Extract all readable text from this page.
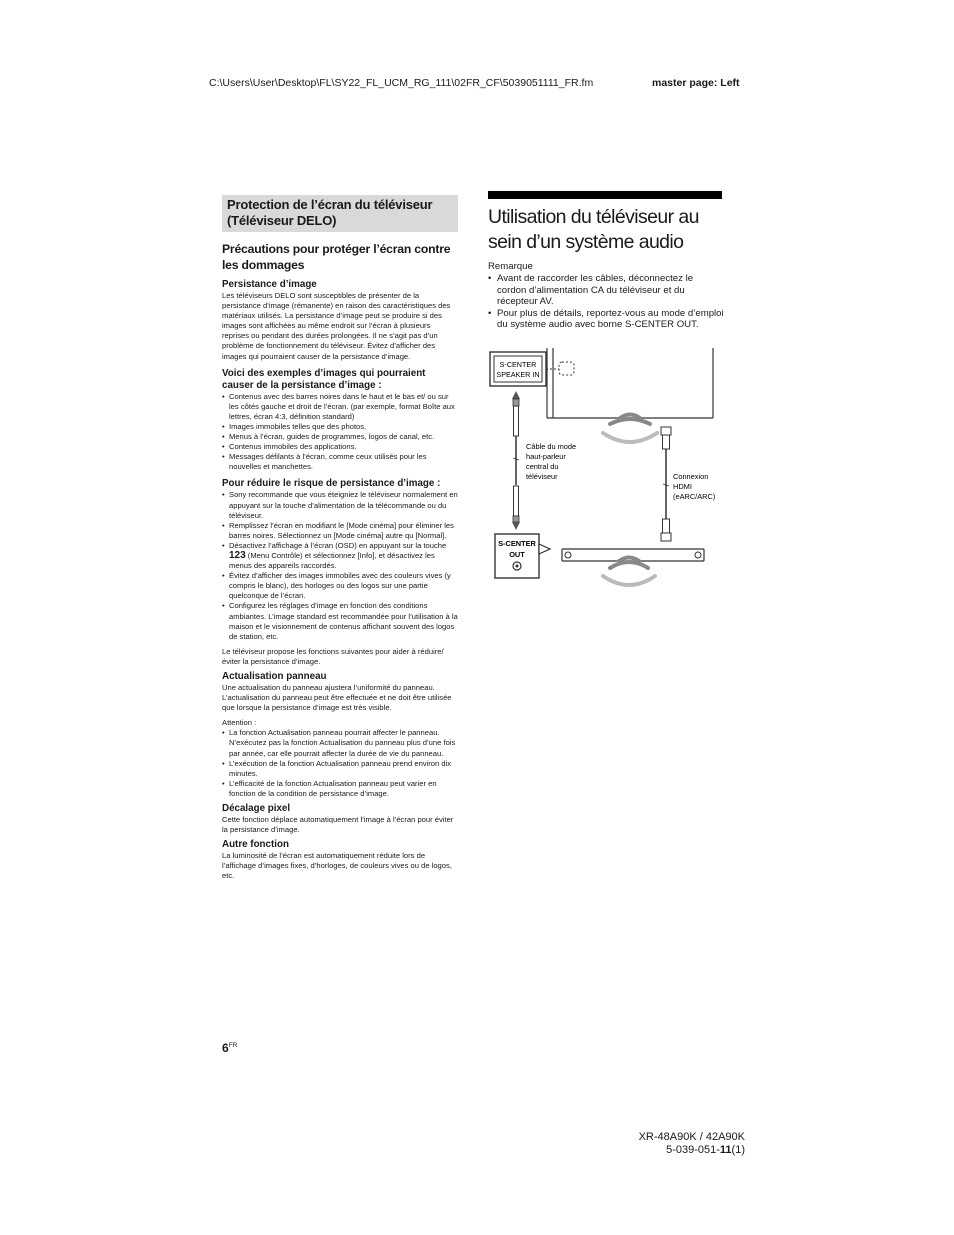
C:\Users\User\Desktop\FL\SY22_FL_UCM_RG_111\02FR_CF\5039051111_FR.fm	master page: Left
Protection de l’écran du téléviseur (Téléviseur DELO)
Précautions pour protéger l’écran contre les dommages
Persistance d’image
Les téléviseurs DELO sont susceptibles de présenter de la persistance d’image (rémanente) en raison des caractéristiques des matériaux utilisés. La persistance d’image peut se produire si des images sont affichées au même endroit sur l’écran à plusieurs reprises ou pendant des durées prolongées. Il ne s’agit pas d’un problème de fonctionnement du téléviseur. Évitez d’afficher des images qui pourraient causer de la persistance d’image.
Voici des exemples d’images qui pourraient causer de la persistance d’image :
• Contenus avec des barres noires dans le haut et le bas et/ ou sur les côtés gauche et droit de l’écran. (par exemple, format Boîte aux lettres, écran 4:3, définition standard)
• Images immobiles telles que des photos.
• Menus à l’écran, guides de programmes, logos de canal, etc.
• Contenus immobiles des applications.
• Messages défilants à l’écran, comme ceux utilisés pour les nouvelles et manchettes.
Pour réduire le risque de persistance d’image :
• Sony recommande que vous éteigniez le téléviseur normalement en appuyant sur la touche d’alimentation de la télécommande ou du téléviseur.
• Remplissez l’écran en modifiant le [Mode cinéma] pour éliminer les barres noires. Sélectionnez un [Mode cinéma] autre qu [Normal].
• Désactivez l’affichage à l’écran (OSD) en appuyant sur la touche 123 (Menu Contrôle) et sélectionnez [Info], et désactivez les menus des appareils raccordés.
• Évitez d’afficher des images immobiles avec des couleurs vives (y compris le blanc), des horloges ou des logos sur une partie quelconque de l’écran.
• Configurez les réglages d’image en fonction des conditions ambiantes. L’image standard est recommandée pour l’utilisation à la maison et le visionnement de contenus affichant souvent des logos de station, etc.
Le téléviseur propose les fonctions suivantes pour aider à réduire/éviter la persistance d’image.
Actualisation panneau
Une actualisation du panneau ajustera l’uniformité du panneau. L’actualisation du panneau peut être effectuée et ne doit être utilisée que lorsque la persistance d’image est très visible.
Attention :
• La fonction Actualisation panneau pourrait affecter le panneau. N’exécutez pas la fonction Actualisation du panneau plus d’une fois par année, car elle pourrait affecter la durée de vie du panneau.
• L’exécution de la fonction Actualisation panneau prend environ dix minutes.
• L’efficacité de la fonction Actualisation panneau peut varier en fonction de la condition de persistance d’image.
Décalage pixel
Cette fonction déplace automatiquement l’image à l’écran pour éviter la persistance d’image.
Autre fonction
La luminosité de l’écran est automatiquement réduite lors de l’affichage d’images fixes, d’horloges, de couleurs vives ou de logos, etc.
Utilisation du téléviseur au sein d’un système audio
Remarque
• Avant de raccorder les câbles, déconnectez le cordon d’alimentation CA du téléviseur et du récepteur AV.
• Pour plus de détails, reportez-vous au mode d’emploi du système audio avec borne S-CENTER OUT.
S-CENTER
SPEAKER IN
Câble du mode
haut-parleur
central du
téléviseur	Connexion
HDMI
(eARC/ARC)
S-CENTER
OUT
$6^{FR}$
XR-48A90K / 42A90K
5-039-051-11(1)
